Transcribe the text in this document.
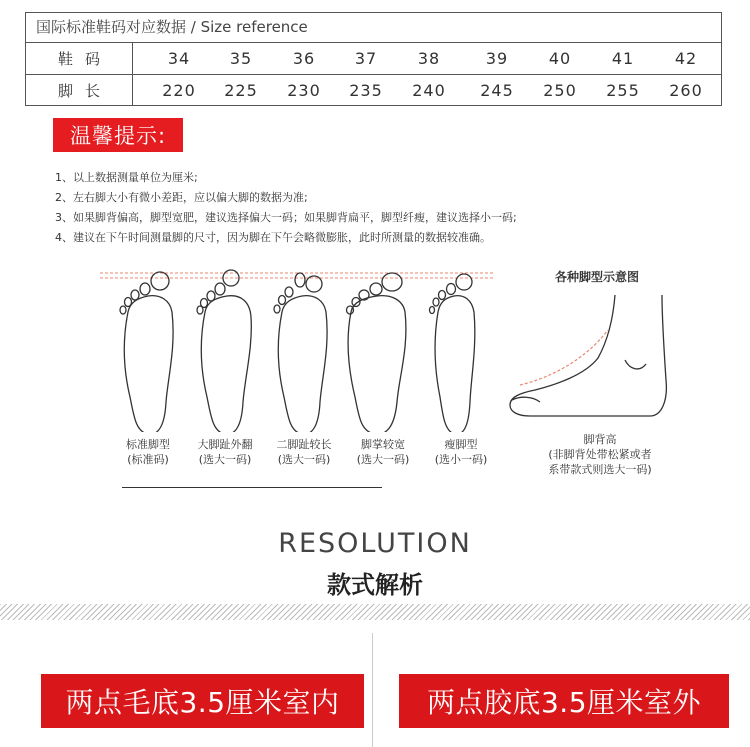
国际标准鞋码对应数据 / Size reference
鞋码	34	35	36	37	38	39	40	41	42
脚长	220	225	230	235	240	245	250	255	260
温馨提示:
1、以上数据测量单位为厘米;
2、左右脚大小有微小差距，应以偏大脚的数据为准;
3、如果脚背偏高，脚型宽肥，建议选择偏大一码；如果脚背扁平，脚型纤瘦，建议选择小一码;
4、建议在下午时间测量脚的尺寸，因为脚在下午会略微膨胀，此时所测量的数据较准确。
标准脚型
(标准码)
大脚趾外翻
(选大一码)
二脚趾较长
(选大一码)
脚掌较宽
(选大一码)
瘦脚型
(选小一码)
各种脚型示意图
脚背高
(非脚背处带松紧或者
系带款式则选大一码)
RESOLUTION
款式解析
两点毛底3.5厘米室内	两点胶底3.5厘米室外
